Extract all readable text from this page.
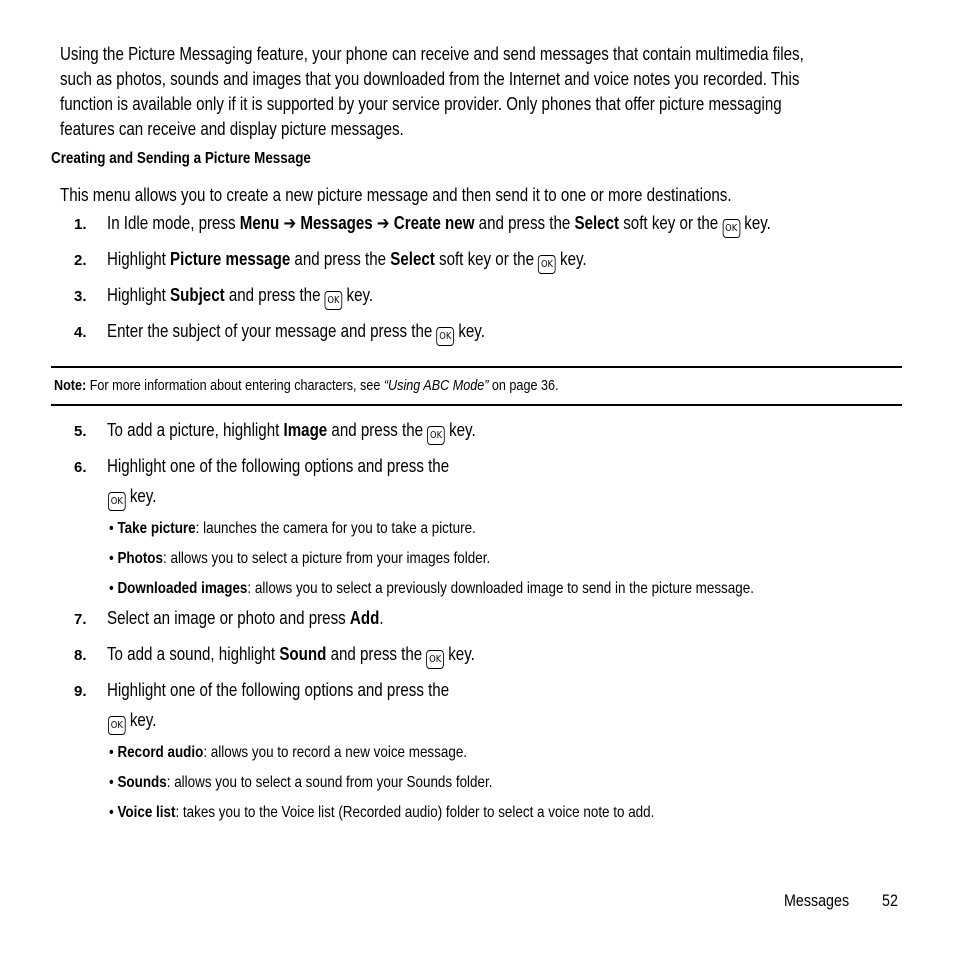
Using the Picture Messaging feature, your phone can receive and send messages that contain multimedia files,
such as photos, sounds and images that you downloaded from the Internet and voice notes you recorded. This
function is available only if it is supported by your service provider. Only phones that offer picture messaging
features can receive and display picture messages.
Creating and Sending a Picture Message
This menu allows you to create a new picture message and then send it to one or more destinations.
1. In Idle mode, press Menu ➔ Messages ➔ Create new and press the Select soft key or the OK key.
2. Highlight Picture message and press the Select soft key or the OK key.
3. Highlight Subject and press the OK key.
4. Enter the subject of your message and press the OK key.
Note: For more information about entering characters, see “Using ABC Mode” on page 36.
5. To add a picture, highlight Image and press the OK key.
6. Highlight one of the following options and press the
OK key.
• Take picture: launches the camera for you to take a picture.
• Photos: allows you to select a picture from your images folder.
• Downloaded images: allows you to select a previously downloaded image to send in the picture message.
7. Select an image or photo and press Add.
8. To add a sound, highlight Sound and press the OK key.
9. Highlight one of the following options and press the
OK key.
• Record audio: allows you to record a new voice message.
• Sounds: allows you to select a sound from your Sounds folder.
• Voice list: takes you to the Voice list (Recorded audio) folder to select a voice note to add.
Messages	52
